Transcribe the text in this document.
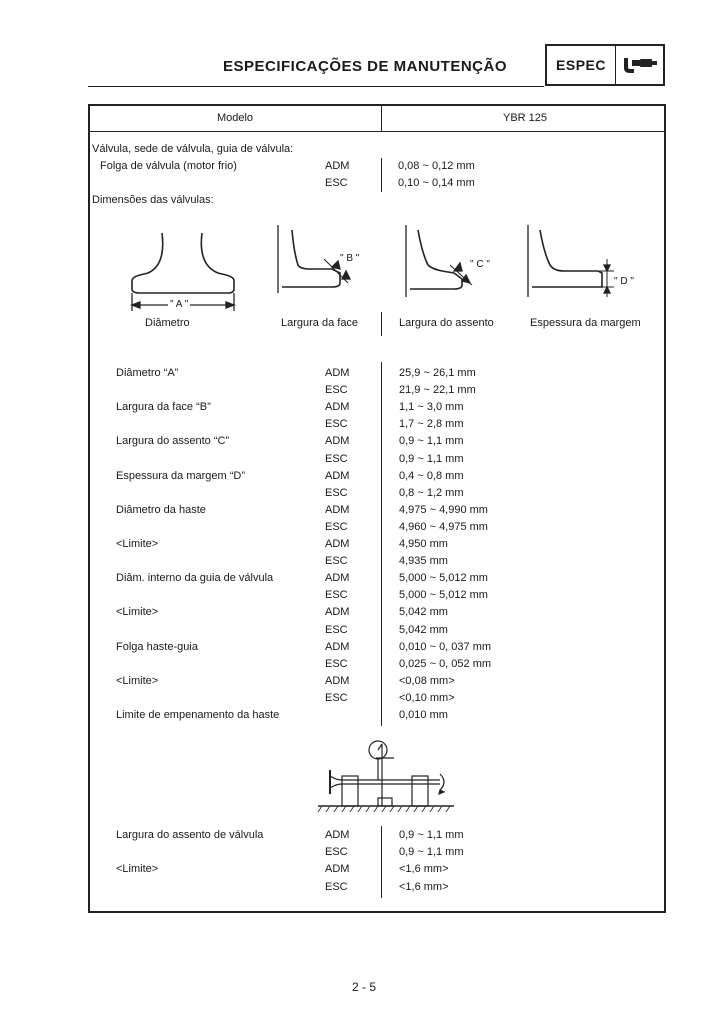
ESPECIFICAÇÕES DE MANUTENÇÃO	ESPEC
Modelo	YBR 125
Válvula, sede de válvula, guia de válvula:
Folga de válvula (motor frio)	ADM	0,08 ~ 0,12 mm
ESC	0,10 ~ 0,14 mm
Dimensões das válvulas:
" A "
" B "
" C "
" D "
Diâmetro	Largura da face	Largura do assento	Espessura da margem
Diâmetro “A”	ADM	25,9 ~ 26,1 mm
ESC	21,9 ~ 22,1 mm
Largura da face “B”	ADM	1,1 ~ 3,0 mm
ESC	1,7 ~ 2,8 mm
Largura do assento “C”	ADM	0,9 ~ 1,1 mm
ESC	0,9 ~ 1,1 mm
Espessura da margem “D”	ADM	0,4 ~ 0,8 mm
ESC	0,8 ~ 1,2 mm
Diâmetro da haste	ADM	4,975 ~ 4,990 mm
ESC	4,960 ~ 4,975 mm
<Limite>	ADM	4,950 mm
ESC	4,935 mm
Diâm. interno da guia de válvula	ADM	5,000 ~ 5,012 mm
ESC	5,000 ~ 5,012 mm
<Limite>	ADM	5,042 mm
ESC	5,042 mm
Folga haste-guia	ADM	0,010 ~ 0, 037 mm
ESC	0,025 ~ 0, 052 mm
<Limite>	ADM	<0,08 mm>
ESC	<0,10 mm>
Limite de empenamento da haste	0,010 mm
Largura do assento de válvula	ADM	0,9 ~ 1,1 mm
ESC	0,9 ~ 1,1 mm
<Limite>	ADM	<1,6 mm>
ESC	<1,6 mm>
2 - 5
